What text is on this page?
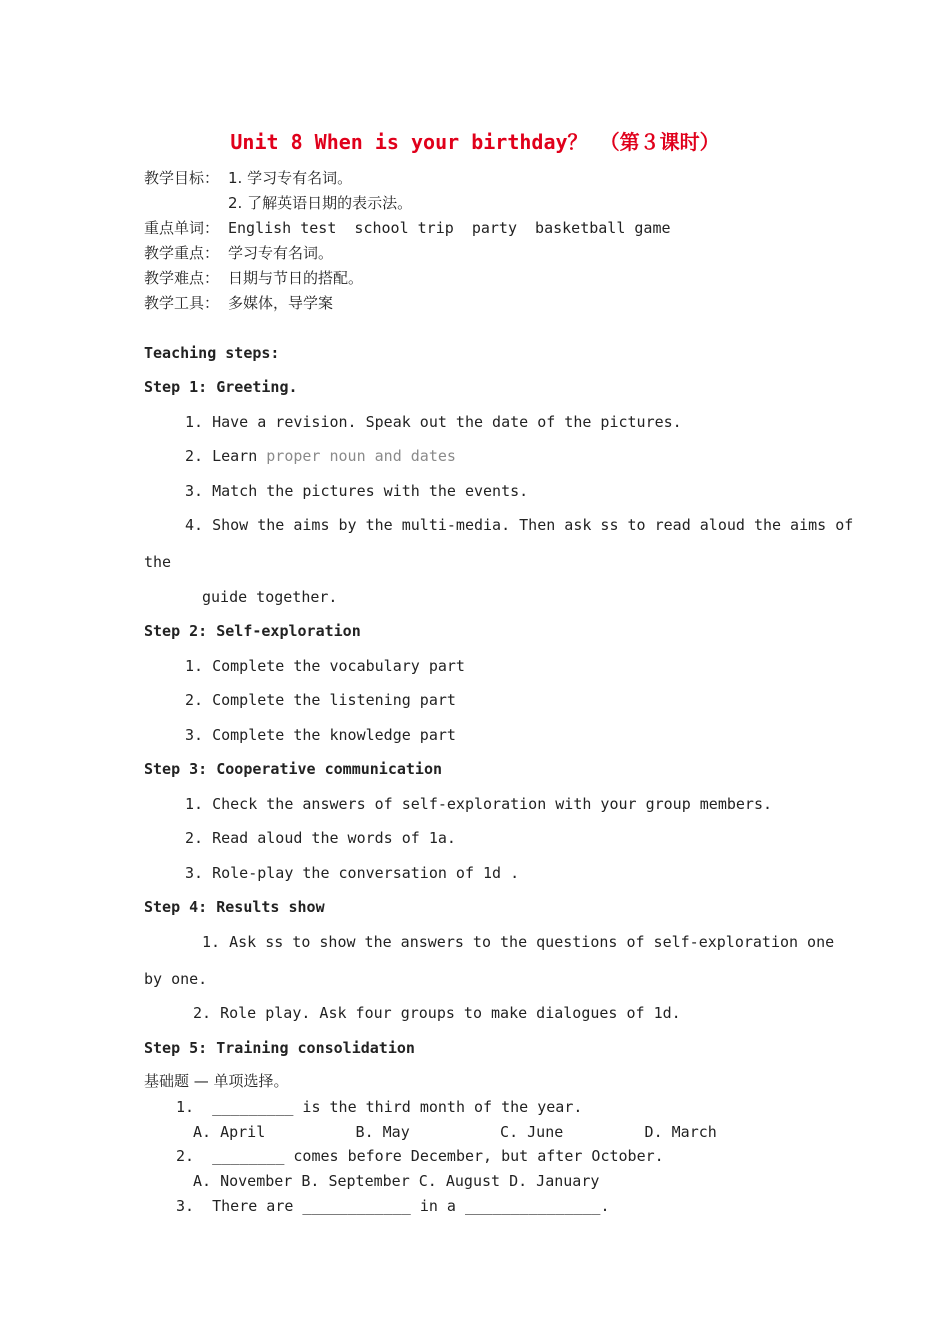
Unit 8 When is your birthday？ （第３课时）
教学目标： 1. 学习专有名词。
2. 了解英语日期的表示法。
重点单词： English test  school trip  party  basketball game
教学重点： 学习专有名词。
教学难点： 日期与节日的搭配。
教学工具： 多媒体，导学案
Teaching steps:
Step 1: Greeting.
1. Have a revision. Speak out the date of the pictures.
2. Learn proper noun and dates
3. Match the pictures with the events.
4. Show the aims by the multi-media. Then ask ss to read aloud the aims of
the
guide together.
Step 2: Self-exploration
1. Complete the vocabulary part
2. Complete the listening part
3. Complete the knowledge part
Step 3: Cooperative communication
1. Check the answers of self-exploration with your group members.
2. Read aloud the words of 1a.
3. Role-play the conversation of 1d .
Step 4: Results show
1. Ask ss to show the answers to the questions of self-exploration one
by one.
2. Role play. Ask four groups to make dialogues of 1d.
Step 5: Training consolidation
基础题 — 单项选择。
1.  _________ is the third month of the year.
A. April          B. May          C. June         D. March
2.  ________ comes before December, but after October.
A. November B. September C. August D. January
3.  There are ____________ in a _______________.
